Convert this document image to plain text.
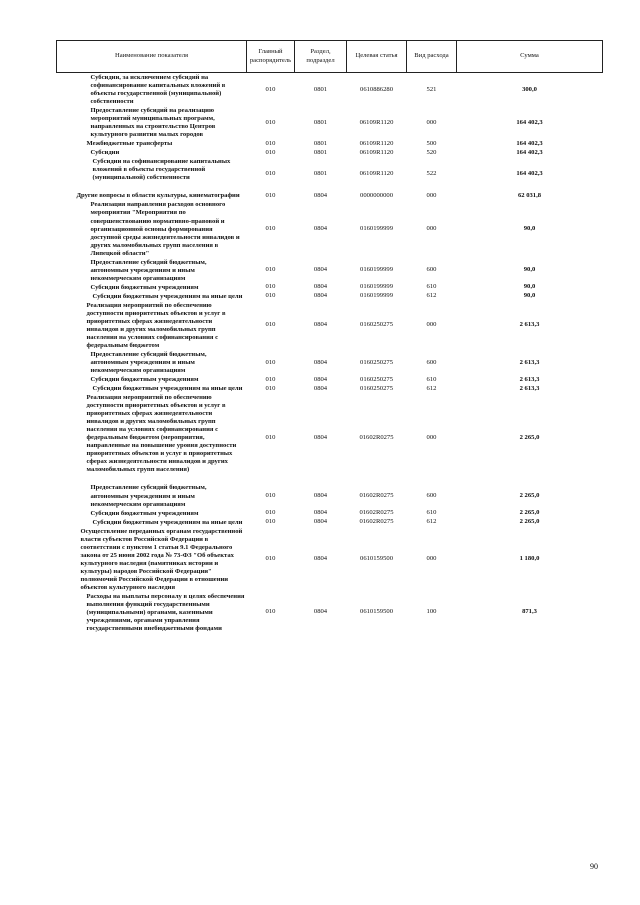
Наименование показателя	Главный распорядитель	Раздел, подраздел	Целевая статья	Вид расхода	Сумма
Субсидии, за исключением субсидий на софинансирование капитальных вложений в объекты государственной (муниципальной) собственности	010	0801	0610886280	521	300,0
Предоставление субсидий на реализацию мероприятий муниципальных программ, направленных на строительство Центров культурного развития малых городов	010	0801	06109R1120	000	164 402,3
Межбюджетные трансферты	010	0801	06109R1120	500	164 402,3
Субсидии	010	0801	06109R1120	520	164 402,3
Субсидии на софинансирование капитальных вложений в объекты государственной (муниципальной) собственности	010	0801	06109R1120	522	164 402,3
Другие вопросы в области культуры, кинематографии	010	0804	0000000000	000	62 031,8
Реализация направления расходов основного мероприятия "Мероприятия по совершенствованию нормативно-правовой и организационной основы формирования доступной среды жизнедеятельности инвалидов и других маломобильных групп населения в Липецкой области"	010	0804	0160199999	000	90,0
Предоставление субсидий бюджетным, автономным учреждениям и иным некоммерческим организациям	010	0804	0160199999	600	90,0
Субсидии бюджетным учреждениям	010	0804	0160199999	610	90,0
Субсидии бюджетным учреждениям на иные цели	010	0804	0160199999	612	90,0
Реализация мероприятий по обеспечению доступности приоритетных объектов и услуг в приоритетных сферах жизнедеятельности инвалидов и других маломобильных групп населения на условиях софинансирования с федеральным бюджетом	010	0804	0160250275	000	2 613,3
Предоставление субсидий бюджетным, автономным учреждениям и иным некоммерческим организациям	010	0804	0160250275	600	2 613,3
Субсидии бюджетным учреждениям	010	0804	0160250275	610	2 613,3
Субсидии бюджетным учреждениям на иные цели	010	0804	0160250275	612	2 613,3
Реализация мероприятий по обеспечению доступности приоритетных объектов и услуг в приоритетных сферах жизнедеятельности инвалидов и других маломобильных групп населения на условиях софинансирования с федеральным бюджетом (мероприятия, направленные на повышение уровня доступности приоритетных объектов и услуг в приоритетных сферах жизнедеятельности инвалидов и других маломобильных групп населения)	010	0804	01602R0275	000	2 265,0
Предоставление субсидий бюджетным, автономным учреждениям и иным некоммерческим организациям	010	0804	01602R0275	600	2 265,0
Субсидии бюджетным учреждениям	010	0804	01602R0275	610	2 265,0
Субсидии бюджетным учреждениям на иные цели	010	0804	01602R0275	612	2 265,0
Осуществление переданных органам государственной власти субъектов Российской Федерации в соответствии с пунктом 1 статьи 9.1 Федерального закона от 25 июня 2002 года № 73-ФЗ "Об объектах культурного наследия (памятниках истории и культуры) народов Российской Федерации" полномочий Российской Федерации в отношении объектов культурного наследия	010	0804	0610159500	000	1 180,0
Расходы на выплаты персоналу в целях обеспечения выполнения функций государственными (муниципальными) органами, казенными учреждениями, органами управления государственными внебюджетными фондами	010	0804	0610159500	100	871,3
90
